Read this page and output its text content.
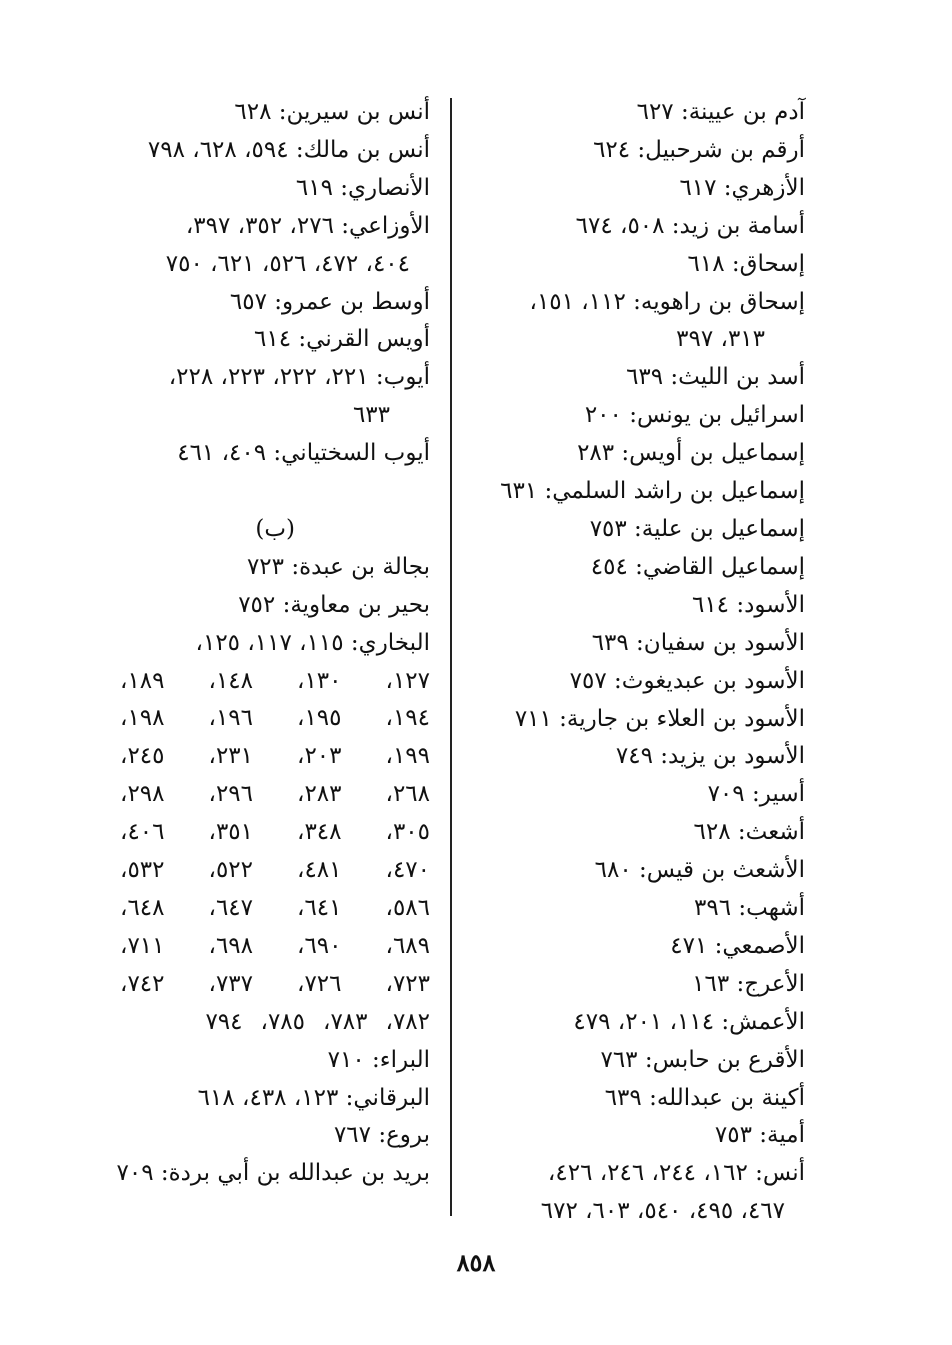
آدم بن عيينة: ٦٢٧
أرقم بن شرحبيل: ٦٢٤
الأزهري: ٦١٧
أسامة بن زيد: ٥٠٨، ٦٧٤
إسحاق: ٦١٨
إسحاق بن راهويه: ١١٢، ١٥١،
٣١٣، ٣٩٧
أسد بن الليث: ٦٣٩
اسرائيل بن يونس: ٢٠٠
إسماعيل بن أويس: ٢٨٣
إسماعيل بن راشد السلمي: ٦٣١
إسماعيل بن علية: ٧٥٣
إسماعيل القاضي: ٤٥٤
الأسود: ٦١٤
الأسود بن سفيان: ٦٣٩
الأسود بن عبديغوث: ٧٥٧
الأسود بن العلاء بن جارية: ٧١١
الأسود بن يزيد: ٧٤٩
أسير: ٧٠٩
أشعث: ٦٢٨
الأشعث بن قيس: ٦٨٠
أشهب: ٣٩٦
الأصمعي: ٤٧١
الأعرج: ١٦٣
الأعمش: ١١٤، ٢٠١، ٤٧٩
الأقرع بن حابس: ٧٦٣
أكينة بن عبدالله: ٦٣٩
أمية: ٧٥٣
أنس: ١٦٢، ٢٤٤، ٢٤٦، ٤٢٦،
٤٦٧، ٤٩٥، ٥٤٠، ٦٠٣، ٦٧٢
أنس بن سيرين: ٦٢٨
أنس بن مالك: ٥٩٤، ٦٢٨، ٧٩٨
الأنصاري: ٦١٩
الأوزاعي: ٢٧٦، ٣٥٢، ٣٩٧،
٤٠٤، ٤٧٢، ٥٢٦، ٦٢١، ٧٥٠
أوسط بن عمرو: ٦٥٧
أويس القرني: ٦١٤
أيوب: ٢٢١، ٢٢٢، ٢٢٣، ٢٢٨،
٦٣٣
أيوب السختياني: ٤٠٩، ٤٦١
(ب)
بجالة بن عبدة: ٧٢٣
بحير بن معاوية: ٧٥٢
البخاري: ١١٥، ١١٧، ١٢٥،
١٢٧،
١٣٠،
١٤٨،
١٨٩،
١٩٤،
١٩٥،
١٩٦،
١٩٨،
١٩٩،
٢٠٣،
٢٣١،
٢٤٥،
٢٦٨،
٢٨٣،
٢٩٦،
٢٩٨،
٣٠٥،
٣٤٨،
٣٥١،
٤٠٦،
٤٧٠،
٤٨١،
٥٢٢،
٥٣٢،
٥٨٦،
٦٤١،
٦٤٧،
٦٤٨،
٦٨٩،
٦٩٠،
٦٩٨،
٧١١،
٧٢٣،
٧٢٦،
٧٣٧،
٧٤٢،
٧٨٢،
٧٨٣،
٧٨٥،
٧٩٤
البراء: ٧١٠
البرقاني: ١٢٣، ٤٣٨، ٦١٨
بروع: ٧٦٧
بريد بن عبدالله بن أبي بردة: ٧٠٩
٨٥٨
